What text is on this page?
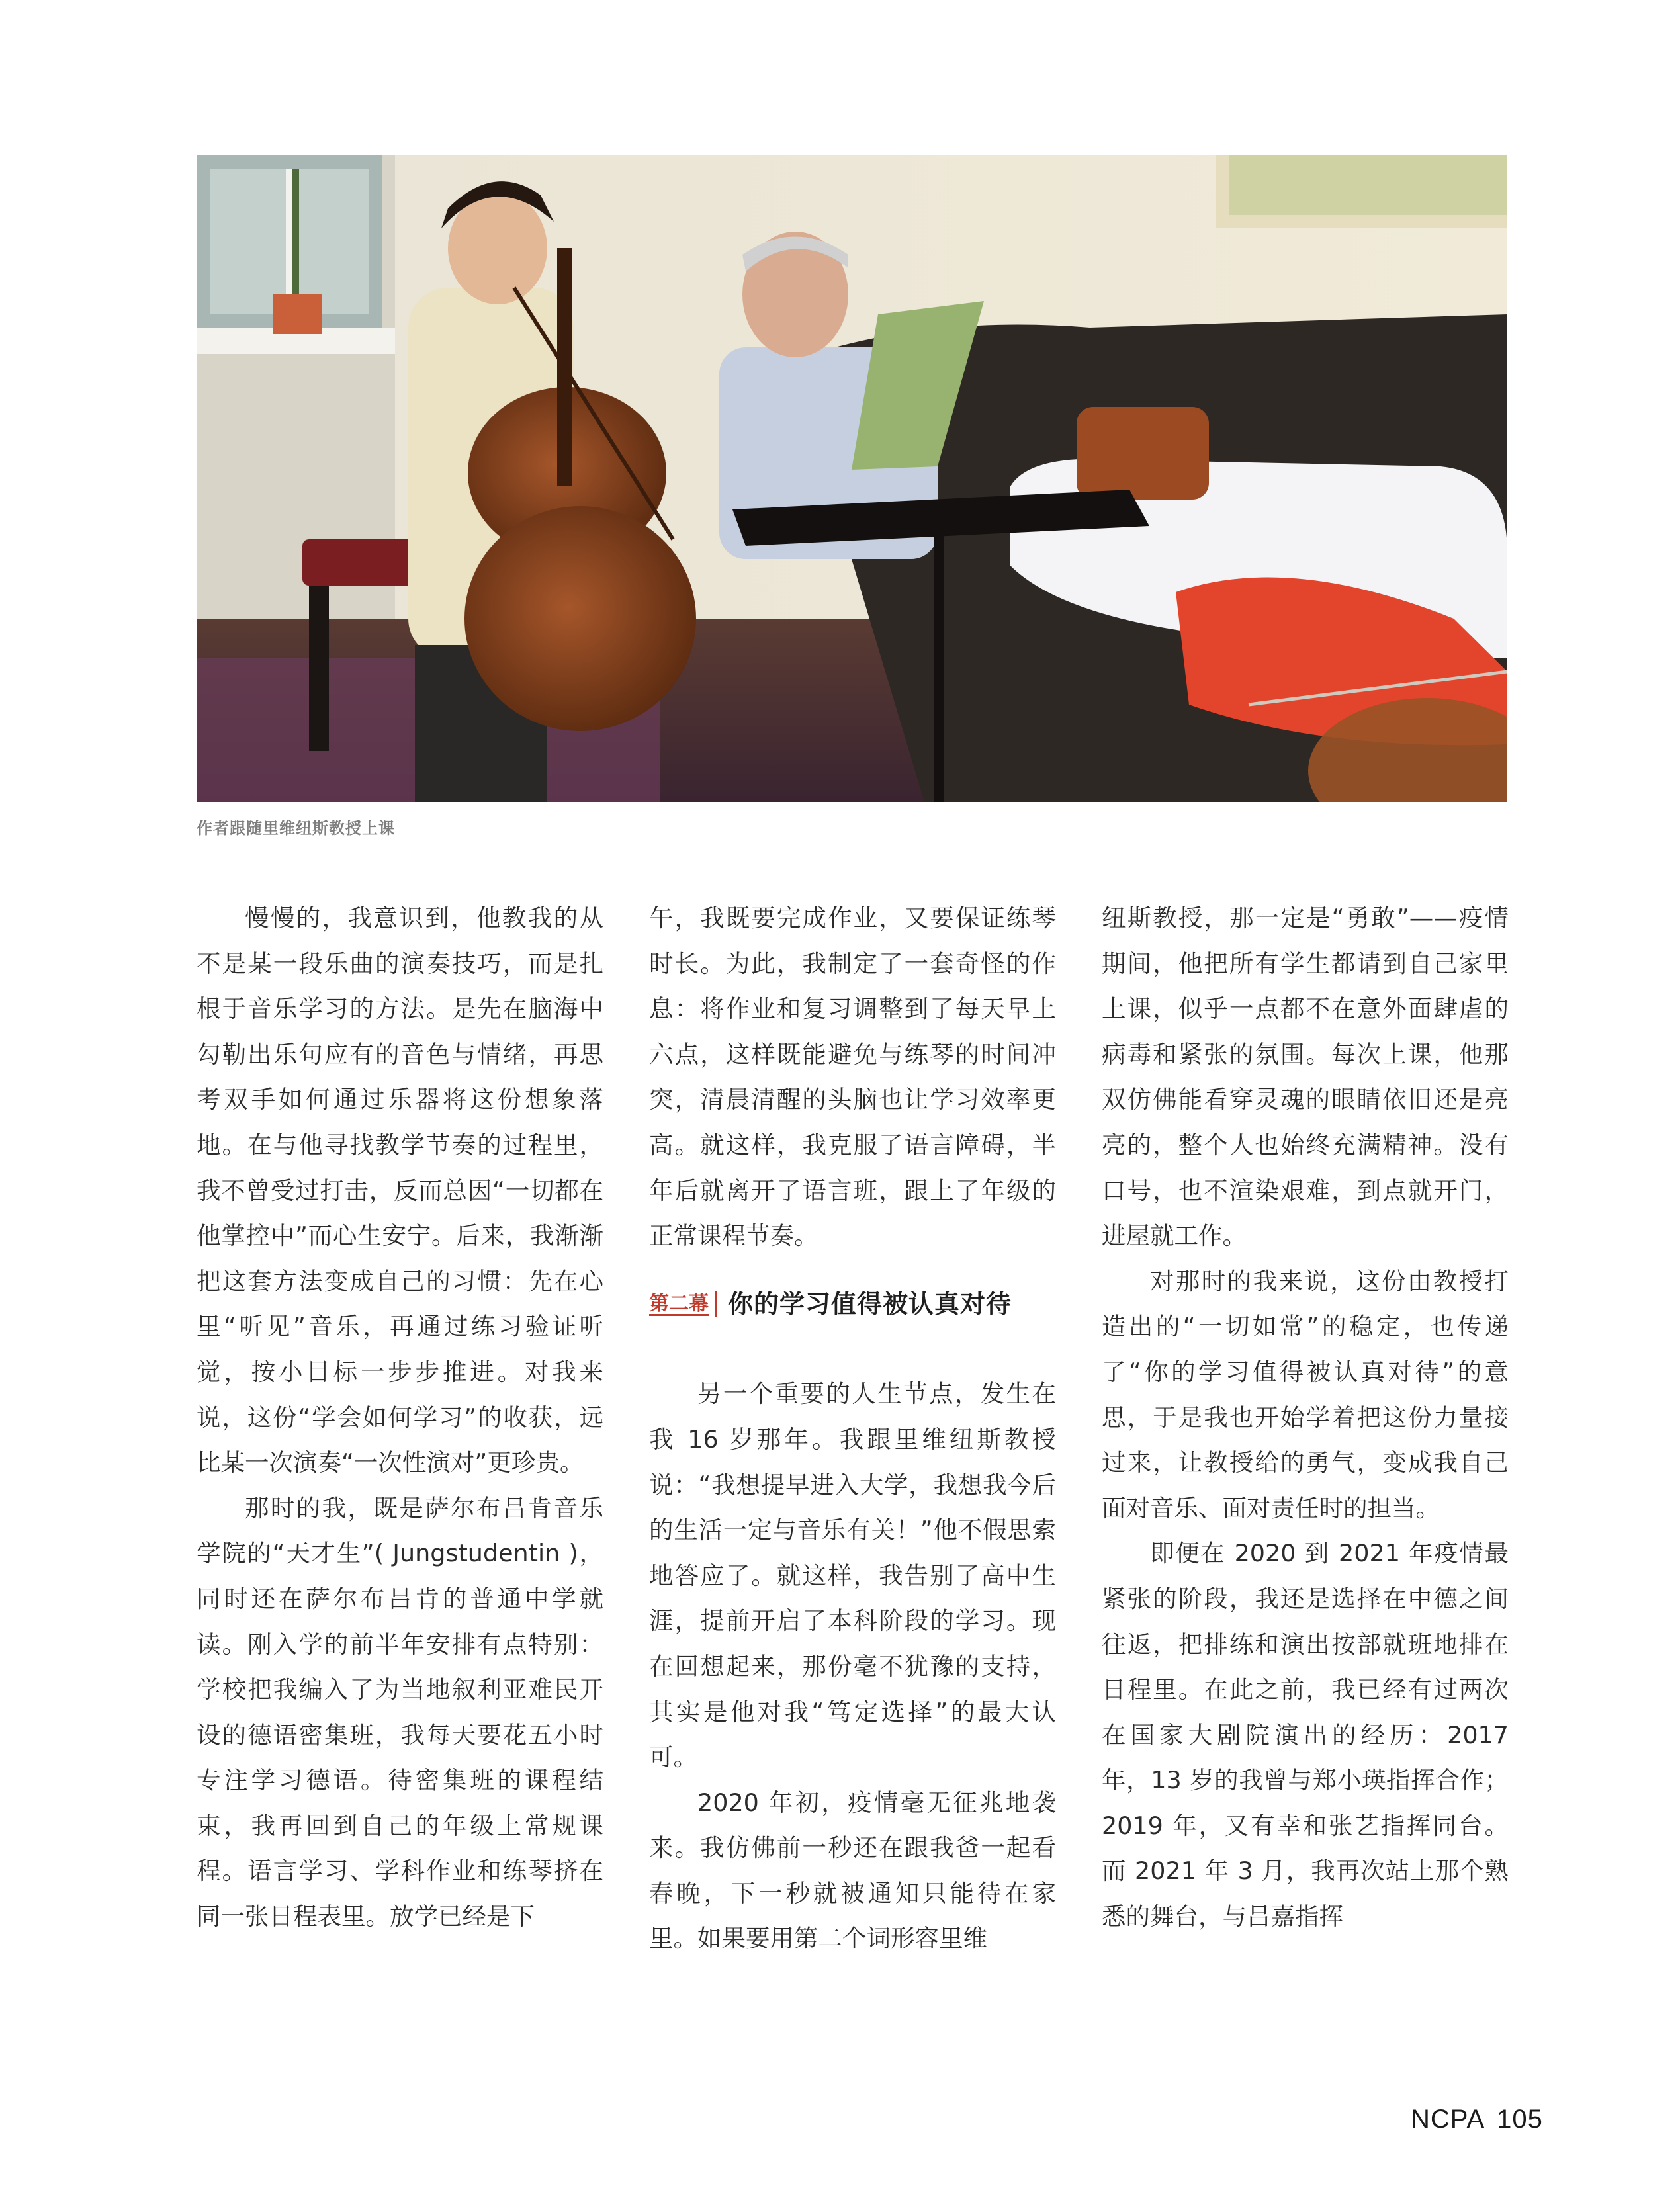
作者跟随里维纽斯教授上课

慢慢的，我意识到，他教我的从不是某一段乐曲的演奏技巧，而是扎根于音乐学习的方法。是先在脑海中勾勒出乐句应有的音色与情绪，再思考双手如何通过乐器将这份想象落地。在与他寻找教学节奏的过程里，我不曾受过打击，反而总因“一切都在他掌控中”而心生安宁。后来，我渐渐把这套方法变成自己的习惯：先在心里“听见”音乐，再通过练习验证听觉，按小目标一步步推进。对我来说，这份“学会如何学习”的收获，远比某一次演奏“一次性演对”更珍贵。

那时的我，既是萨尔布吕肯音乐学院的“天才生”( Jungstudentin )，同时还在萨尔布吕肯的普通中学就读。刚入学的前半年安排有点特别：学校把我编入了为当地叙利亚难民开设的德语密集班，我每天要花五小时专注学习德语。待密集班的课程结束，我再回到自己的年级上常规课程。语言学习、学科作业和练琴挤在同一张日程表里。放学已经是下

午，我既要完成作业，又要保证练琴时长。为此，我制定了一套奇怪的作息：将作业和复习调整到了每天早上六点，这样既能避免与练琴的时间冲突，清晨清醒的头脑也让学习效率更高。就这样，我克服了语言障碍，半年后就离开了语言班，跟上了年级的正常课程节奏。

第二幕 你的学习值得被认真对待

另一个重要的人生节点，发生在我 16 岁那年。我跟里维纽斯教授说：“我想提早进入大学，我想我今后的生活一定与音乐有关！”他不假思索地答应了。就这样，我告别了高中生涯，提前开启了本科阶段的学习。现在回想起来，那份毫不犹豫的支持，其实是他对我“笃定选择”的最大认可。

2020 年初，疫情毫无征兆地袭来。我仿佛前一秒还在跟我爸一起看春晚，下一秒就被通知只能待在家里。如果要用第二个词形容里维

纽斯教授，那一定是“勇敢”——疫情期间，他把所有学生都请到自己家里上课，似乎一点都不在意外面肆虐的病毒和紧张的氛围。每次上课，他那双仿佛能看穿灵魂的眼睛依旧还是亮亮的，整个人也始终充满精神。没有口号，也不渲染艰难，到点就开门，进屋就工作。

对那时的我来说，这份由教授打造出的“一切如常”的稳定，也传递了“你的学习值得被认真对待”的意思，于是我也开始学着把这份力量接过来，让教授给的勇气，变成我自己面对音乐、面对责任时的担当。

即便在 2020 到 2021 年疫情最紧张的阶段，我还是选择在中德之间往返，把排练和演出按部就班地排在日程里。在此之前，我已经有过两次在国家大剧院演出的经历：2017 年，13 岁的我曾与郑小瑛指挥合作；2019 年，又有幸和张艺指挥同台。而 2021 年 3 月，我再次站上那个熟悉的舞台，与吕嘉指挥

NCPA 105
